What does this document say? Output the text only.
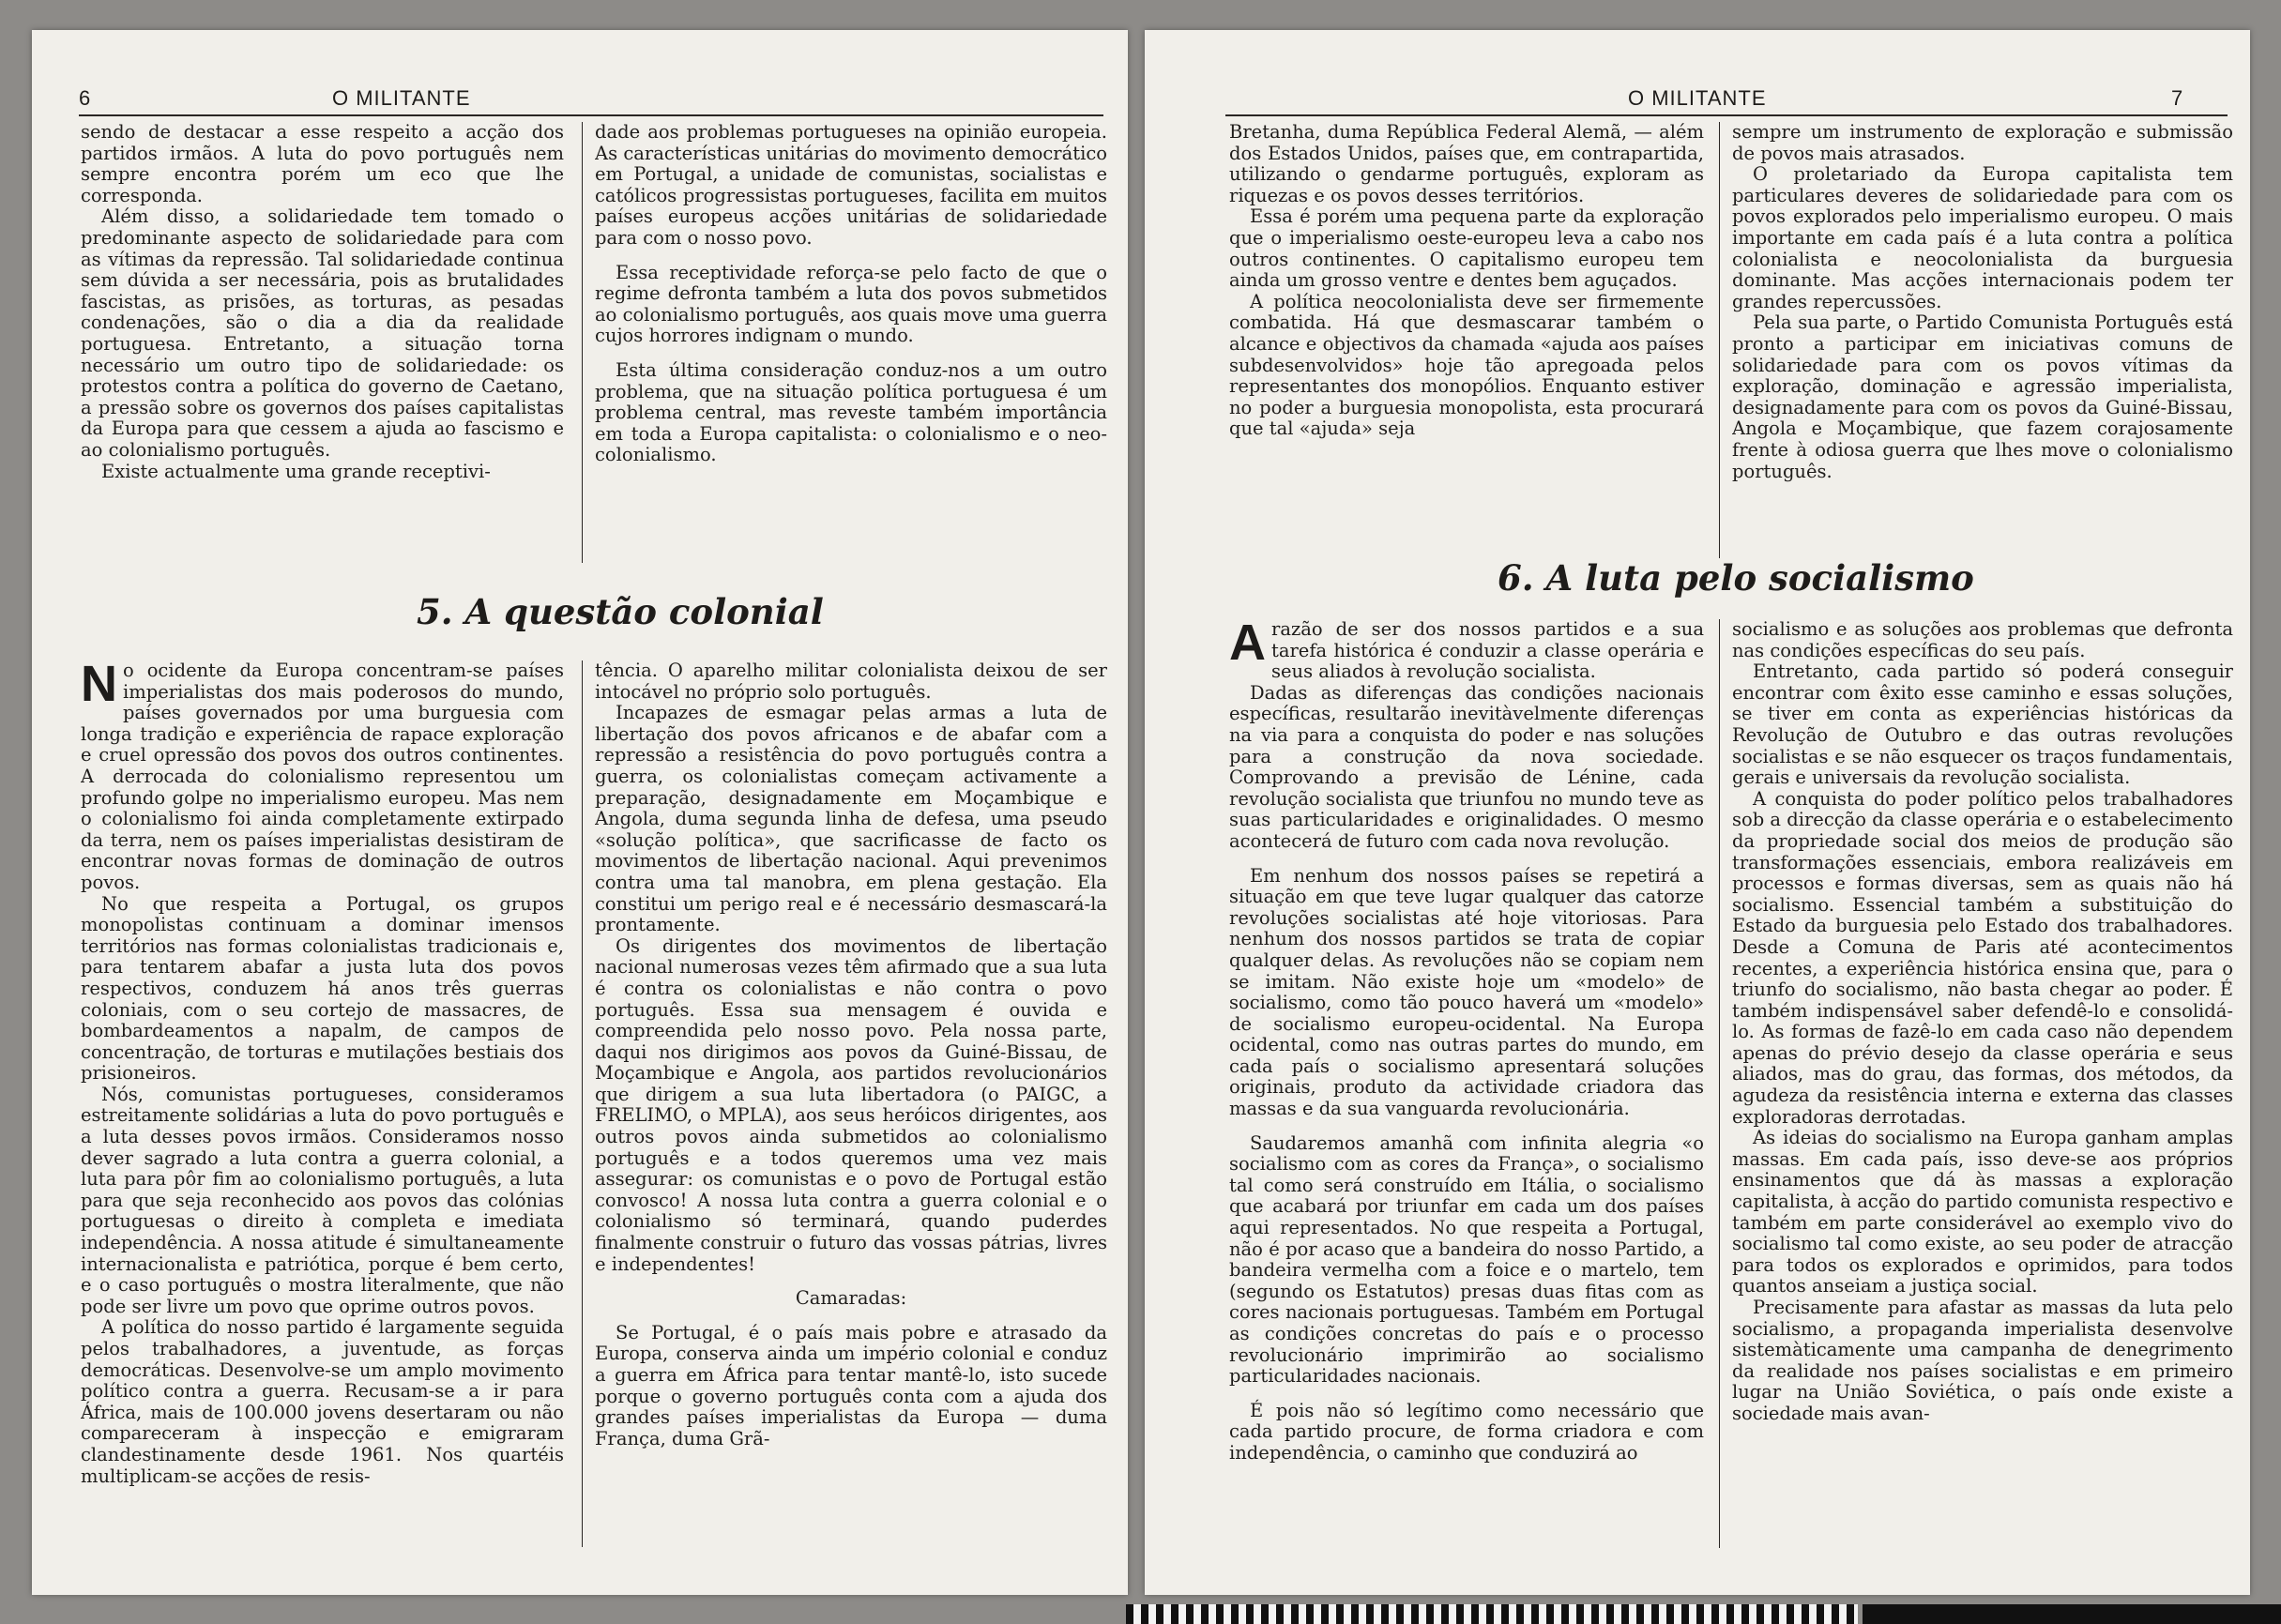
6	O MILITANTE

sendo de destacar a esse respeito a acção dos partidos irmãos. A luta do povo português nem sempre encontra porém um eco que lhe corresponda.

Além disso, a solidariedade tem tomado o predominante aspecto de solidariedade para com as vítimas da repressão. Tal solidariedade continua sem dúvida a ser necessária, pois as brutalidades fascistas, as prisões, as torturas, as pesadas condenações, são o dia a dia da realidade portuguesa. Entretanto, a situação torna necessário um outro tipo de solidariedade: os protestos contra a política do governo de Caetano, a pressão sobre os governos dos países capitalistas da Europa para que cessem a ajuda ao fascismo e ao colonialismo português.

Existe actualmente uma grande receptivi-

dade aos problemas portugueses na opinião europeia. As características unitárias do movimento democrático em Portugal, a unidade de comunistas, socialistas e católicos progressistas portugueses, facilita em muitos países europeus acções unitárias de solidariedade para com o nosso povo.

Essa receptividade reforça-se pelo facto de que o regime defronta também a luta dos povos submetidos ao colonialismo português, aos quais move uma guerra cujos horrores indignam o mundo.

Esta última consideração conduz-nos a um outro problema, que na situação política portuguesa é um problema central, mas reveste também importância em toda a Europa capitalista: o colonialismo e o neo-colonialismo.

5. A questão colonial

No ocidente da Europa concentram-se países imperialistas dos mais poderosos do mundo, países governados por uma burguesia com longa tradição e experiência de rapace exploração e cruel opressão dos povos dos outros continentes. A derrocada do colonialismo representou um profundo golpe no imperialismo europeu. Mas nem o colonialismo foi ainda completamente extirpado da terra, nem os países imperialistas desistiram de encontrar novas formas de dominação de outros povos.

No que respeita a Portugal, os grupos monopolistas continuam a dominar imensos territórios nas formas colonialistas tradicionais e, para tentarem abafar a justa luta dos povos respectivos, conduzem há anos três guerras coloniais, com o seu cortejo de massacres, de bombardeamentos a napalm, de campos de concentração, de torturas e mutilações bestiais dos prisioneiros.

Nós, comunistas portugueses, consideramos estreitamente solidárias a luta do povo português e a luta desses povos irmãos. Consideramos nosso dever sagrado a luta contra a guerra colonial, a luta para pôr fim ao colonialismo português, a luta para que seja reconhecido aos povos das colónias portuguesas o direito à completa e imediata independência. A nossa atitude é simultaneamente internacionalista e patriótica, porque é bem certo, e o caso português o mostra literalmente, que não pode ser livre um povo que oprime outros povos.

A política do nosso partido é largamente seguida pelos trabalhadores, a juventude, as forças democráticas. Desenvolve-se um amplo movimento político contra a guerra. Recusam-se a ir para África, mais de 100.000 jovens desertaram ou não compareceram à inspecção e emigraram clandestinamente desde 1961. Nos quartéis multiplicam-se acções de resis-

tência. O aparelho militar colonialista deixou de ser intocável no próprio solo português.

Incapazes de esmagar pelas armas a luta de libertação dos povos africanos e de abafar com a repressão a resistência do povo português contra a guerra, os colonialistas começam activamente a preparação, designadamente em Moçambique e Angola, duma segunda linha de defesa, uma pseudo «solução política», que sacrificasse de facto os movimentos de libertação nacional. Aqui prevenimos contra uma tal manobra, em plena gestação. Ela constitui um perigo real e é necessário desmascará-la prontamente.

Os dirigentes dos movimentos de libertação nacional numerosas vezes têm afirmado que a sua luta é contra os colonialistas e não contra o povo português. Essa sua mensagem é ouvida e compreendida pelo nosso povo. Pela nossa parte, daqui nos dirigimos aos povos da Guiné-Bissau, de Moçambique e Angola, aos partidos revolucionários que dirigem a sua luta libertadora (o PAIGC, a FRELIMO, o MPLA), aos seus heróicos dirigentes, aos outros povos ainda submetidos ao colonialismo português e a todos queremos uma vez mais assegurar: os comunistas e o povo de Portugal estão convosco! A nossa luta contra a guerra colonial e o colonialismo só terminará, quando puderdes finalmente construir o futuro das vossas pátrias, livres e independentes!

Camaradas:

Se Portugal, é o país mais pobre e atrasado da Europa, conserva ainda um império colonial e conduz a guerra em África para tentar mantê-lo, isto sucede porque o governo português conta com a ajuda dos grandes países imperialistas da Europa — duma França, duma Grã-

O MILITANTE	7

Bretanha, duma República Federal Alemã, — além dos Estados Unidos, países que, em contrapartida, utilizando o gendarme português, exploram as riquezas e os povos desses territórios.

Essa é porém uma pequena parte da exploração que o imperialismo oeste-europeu leva a cabo nos outros continentes. O capitalismo europeu tem ainda um grosso ventre e dentes bem aguçados.

A política neocolonialista deve ser firmemente combatida. Há que desmascarar também o alcance e objectivos da chamada «ajuda aos países subdesenvolvidos» hoje tão apregoada pelos representantes dos monopólios. Enquanto estiver no poder a burguesia monopolista, esta procurará que tal «ajuda» seja

sempre um instrumento de exploração e submissão de povos mais atrasados.

O proletariado da Europa capitalista tem particulares deveres de solidariedade para com os povos explorados pelo imperialismo europeu. O mais importante em cada país é a luta contra a política colonialista e neocolonialista da burguesia dominante. Mas acções internacionais podem ter grandes repercussões.

Pela sua parte, o Partido Comunista Português está pronto a participar em iniciativas comuns de solidariedade para com os povos vítimas da exploração, dominação e agressão imperialista, designadamente para com os povos da Guiné-Bissau, Angola e Moçambique, que fazem corajosamente frente à odiosa guerra que lhes move o colonialismo português.

6. A luta pelo socialismo

Arazão de ser dos nossos partidos e a sua tarefa histórica é conduzir a classe operária e seus aliados à revolução socialista.

Dadas as diferenças das condições nacionais específicas, resultarão inevitàvelmente diferenças na via para a conquista do poder e nas soluções para a construção da nova sociedade. Comprovando a previsão de Lénine, cada revolução socialista que triunfou no mundo teve as suas particularidades e originalidades. O mesmo acontecerá de futuro com cada nova revolução.

Em nenhum dos nossos países se repetirá a situação em que teve lugar qualquer das catorze revoluções socialistas até hoje vitoriosas. Para nenhum dos nossos partidos se trata de copiar qualquer delas. As revoluções não se copiam nem se imitam. Não existe hoje um «modelo» de socialismo, como tão pouco haverá um «modelo» de socialismo europeu-ocidental. Na Europa ocidental, como nas outras partes do mundo, em cada país o socialismo apresentará soluções originais, produto da actividade criadora das massas e da sua vanguarda revolucionária.

Saudaremos amanhã com infinita alegria «o socialismo com as cores da França», o socialismo tal como será construído em Itália, o socialismo que acabará por triunfar em cada um dos países aqui representados. No que respeita a Portugal, não é por acaso que a bandeira do nosso Partido, a bandeira vermelha com a foice e o martelo, tem (segundo os Estatutos) presas duas fitas com as cores nacionais portuguesas. Também em Portugal as condições concretas do país e o processo revolucionário imprimirão ao socialismo particularidades nacionais.

É pois não só legítimo como necessário que cada partido procure, de forma criadora e com independência, o caminho que conduzirá ao

socialismo e as soluções aos problemas que defronta nas condições específicas do seu país.

Entretanto, cada partido só poderá conseguir encontrar com êxito esse caminho e essas soluções, se tiver em conta as experiências históricas da Revolução de Outubro e das outras revoluções socialistas e se não esquecer os traços fundamentais, gerais e universais da revolução socialista.

A conquista do poder político pelos trabalhadores sob a direcção da classe operária e o estabelecimento da propriedade social dos meios de produção são transformações essenciais, embora realizáveis em processos e formas diversas, sem as quais não há socialismo. Essencial também a substituição do Estado da burguesia pelo Estado dos trabalhadores. Desde a Comuna de Paris até acontecimentos recentes, a experiência histórica ensina que, para o triunfo do socialismo, não basta chegar ao poder. É também indispensável saber defendê-lo e consolidá-lo. As formas de fazê-lo em cada caso não dependem apenas do prévio desejo da classe operária e seus aliados, mas do grau, das formas, dos métodos, da agudeza da resistência interna e externa das classes exploradoras derrotadas.

As ideias do socialismo na Europa ganham amplas massas. Em cada país, isso deve-se aos próprios ensinamentos que dá às massas a exploração capitalista, à acção do partido comunista respectivo e também em parte considerável ao exemplo vivo do socialismo tal como existe, ao seu poder de atracção para todos os explorados e oprimidos, para todos quantos anseiam a justiça social.

Precisamente para afastar as massas da luta pelo socialismo, a propaganda imperialista desenvolve sistemàticamente uma campanha de denegrimento da realidade nos países socialistas e em primeiro lugar na União Soviética, o país onde existe a sociedade mais avan-
